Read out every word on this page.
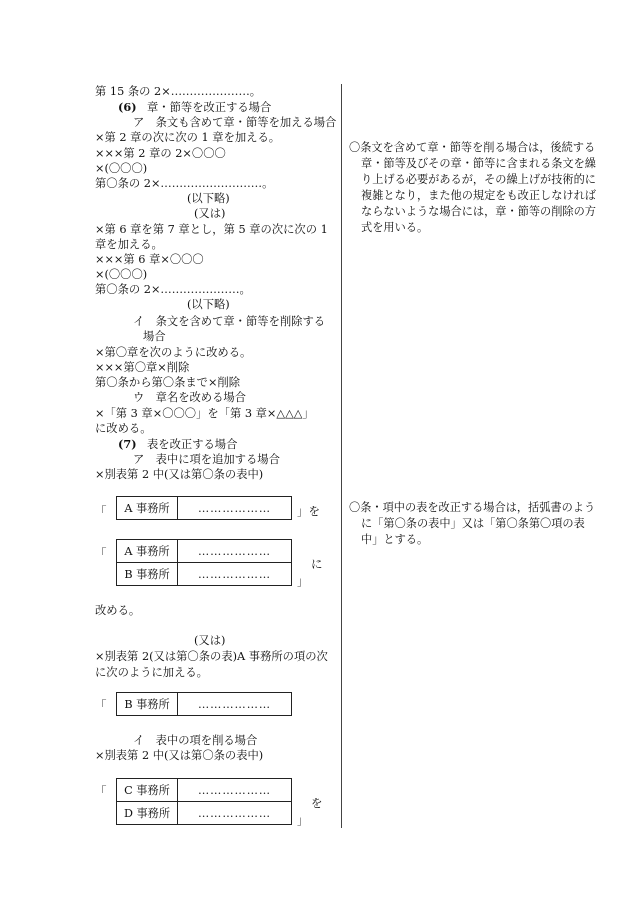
第 15 条の 2×…………………。
(6) 章・節等を改正する場合
ア　条文も含めて章・節等を加える場合
×第 2 章の次に次の 1 章を加える。
×××第 2 章の 2×〇〇〇
×(〇〇〇)
第〇条の 2×………………………。
(以下略)
(又は)
×第 6 章を第 7 章とし，第 5 章の次に次の 1
章を加える。
×××第 6 章×〇〇〇
×(〇〇〇)
第〇条の 2×…………………。
(以下略)
イ　条文を含めて章・節等を削除する
場合
×第〇章を次のように改める。
×××第〇章×削除
第〇条から第〇条まで×削除
ウ　章名を改める場合
×「第 3 章×〇〇〇」を「第 3 章×△△△」
に改める。
(7) 表を改正する場合
ア　表中に項を追加する場合
×別表第 2 中(又は第〇条の表中)
「 A 事務所	……………… 」を
「 A 事務所	………………
B 事務所	………………
に
」
改める。
(又は)
×別表第 2(又は第〇条の表)A 事務所の項の次
に次のように加える。
「 B 事務所	………………
イ　表中の項を削る場合
×別表第 2 中(又は第〇条の表中)
「 C 事務所	………………
D 事務所	………………
を
」

〇条文を含めて章・節等を削る場合は，後続する章・節等及びその章・節等に含まれる条文を繰り上げる必要があるが，その繰上げが技術的に複雑となり，また他の規定をも改正しなければならないような場合には，章・節等の削除の方式を用いる。

〇条・項中の表を改正する場合は，括弧書のように「第〇条の表中」又は「第〇条第〇項の表中」とする。
